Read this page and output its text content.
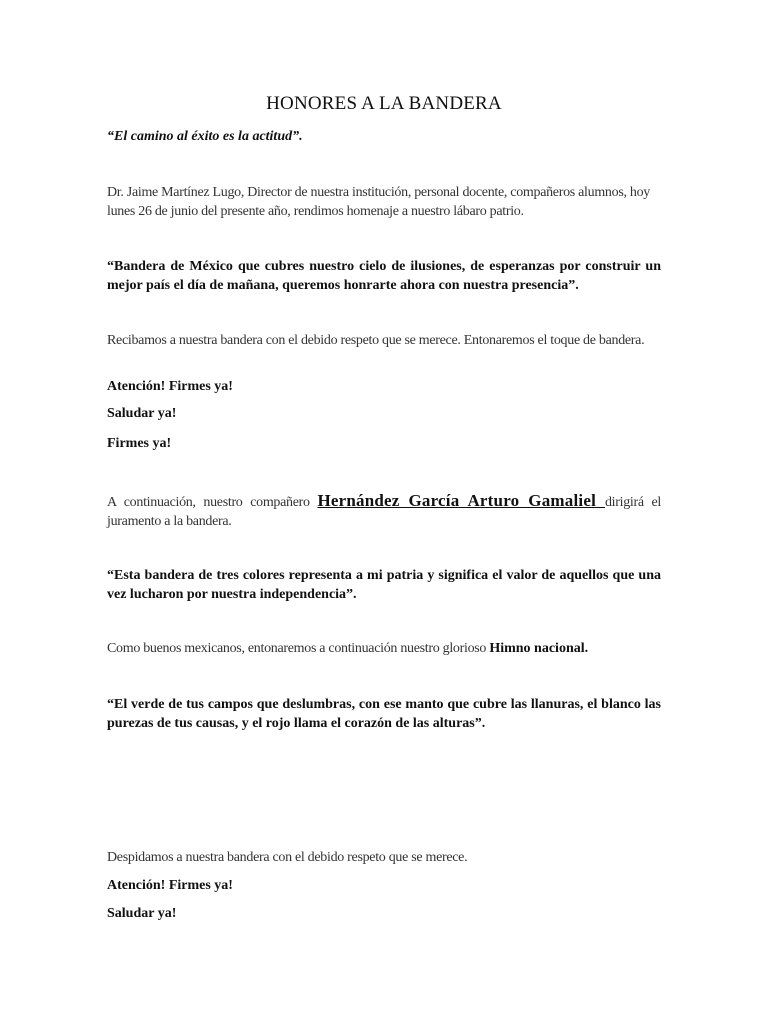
HONORES A LA BANDERA

“El camino al éxito es la actitud”.

Dr. Jaime Martínez Lugo, Director de nuestra institución, personal docente, compañeros alumnos, hoy lunes 26 de junio del presente año, rendimos homenaje a nuestro lábaro patrio.

“Bandera de México que cubres nuestro cielo de ilusiones, de esperanzas por construir un mejor país el día de mañana, queremos honrarte ahora con nuestra presencia”.

Recibamos a nuestra bandera con el debido respeto que se merece. Entonaremos el toque de bandera.

Atención! Firmes ya!

Saludar ya!

Firmes ya!

A continuación, nuestro compañero Hernández García Arturo Gamaliel dirigirá el juramento a la bandera.

“Esta bandera de tres colores representa a mi patria y significa el valor de aquellos que una vez lucharon por nuestra independencia”.

Como buenos mexicanos, entonaremos a continuación nuestro glorioso Himno nacional.

“El verde de tus campos que deslumbras, con ese manto que cubre las llanuras, el blanco las purezas de tus causas, y el rojo llama el corazón de las alturas”.

Despidamos a nuestra bandera con el debido respeto que se merece.

Atención! Firmes ya!

Saludar ya!
